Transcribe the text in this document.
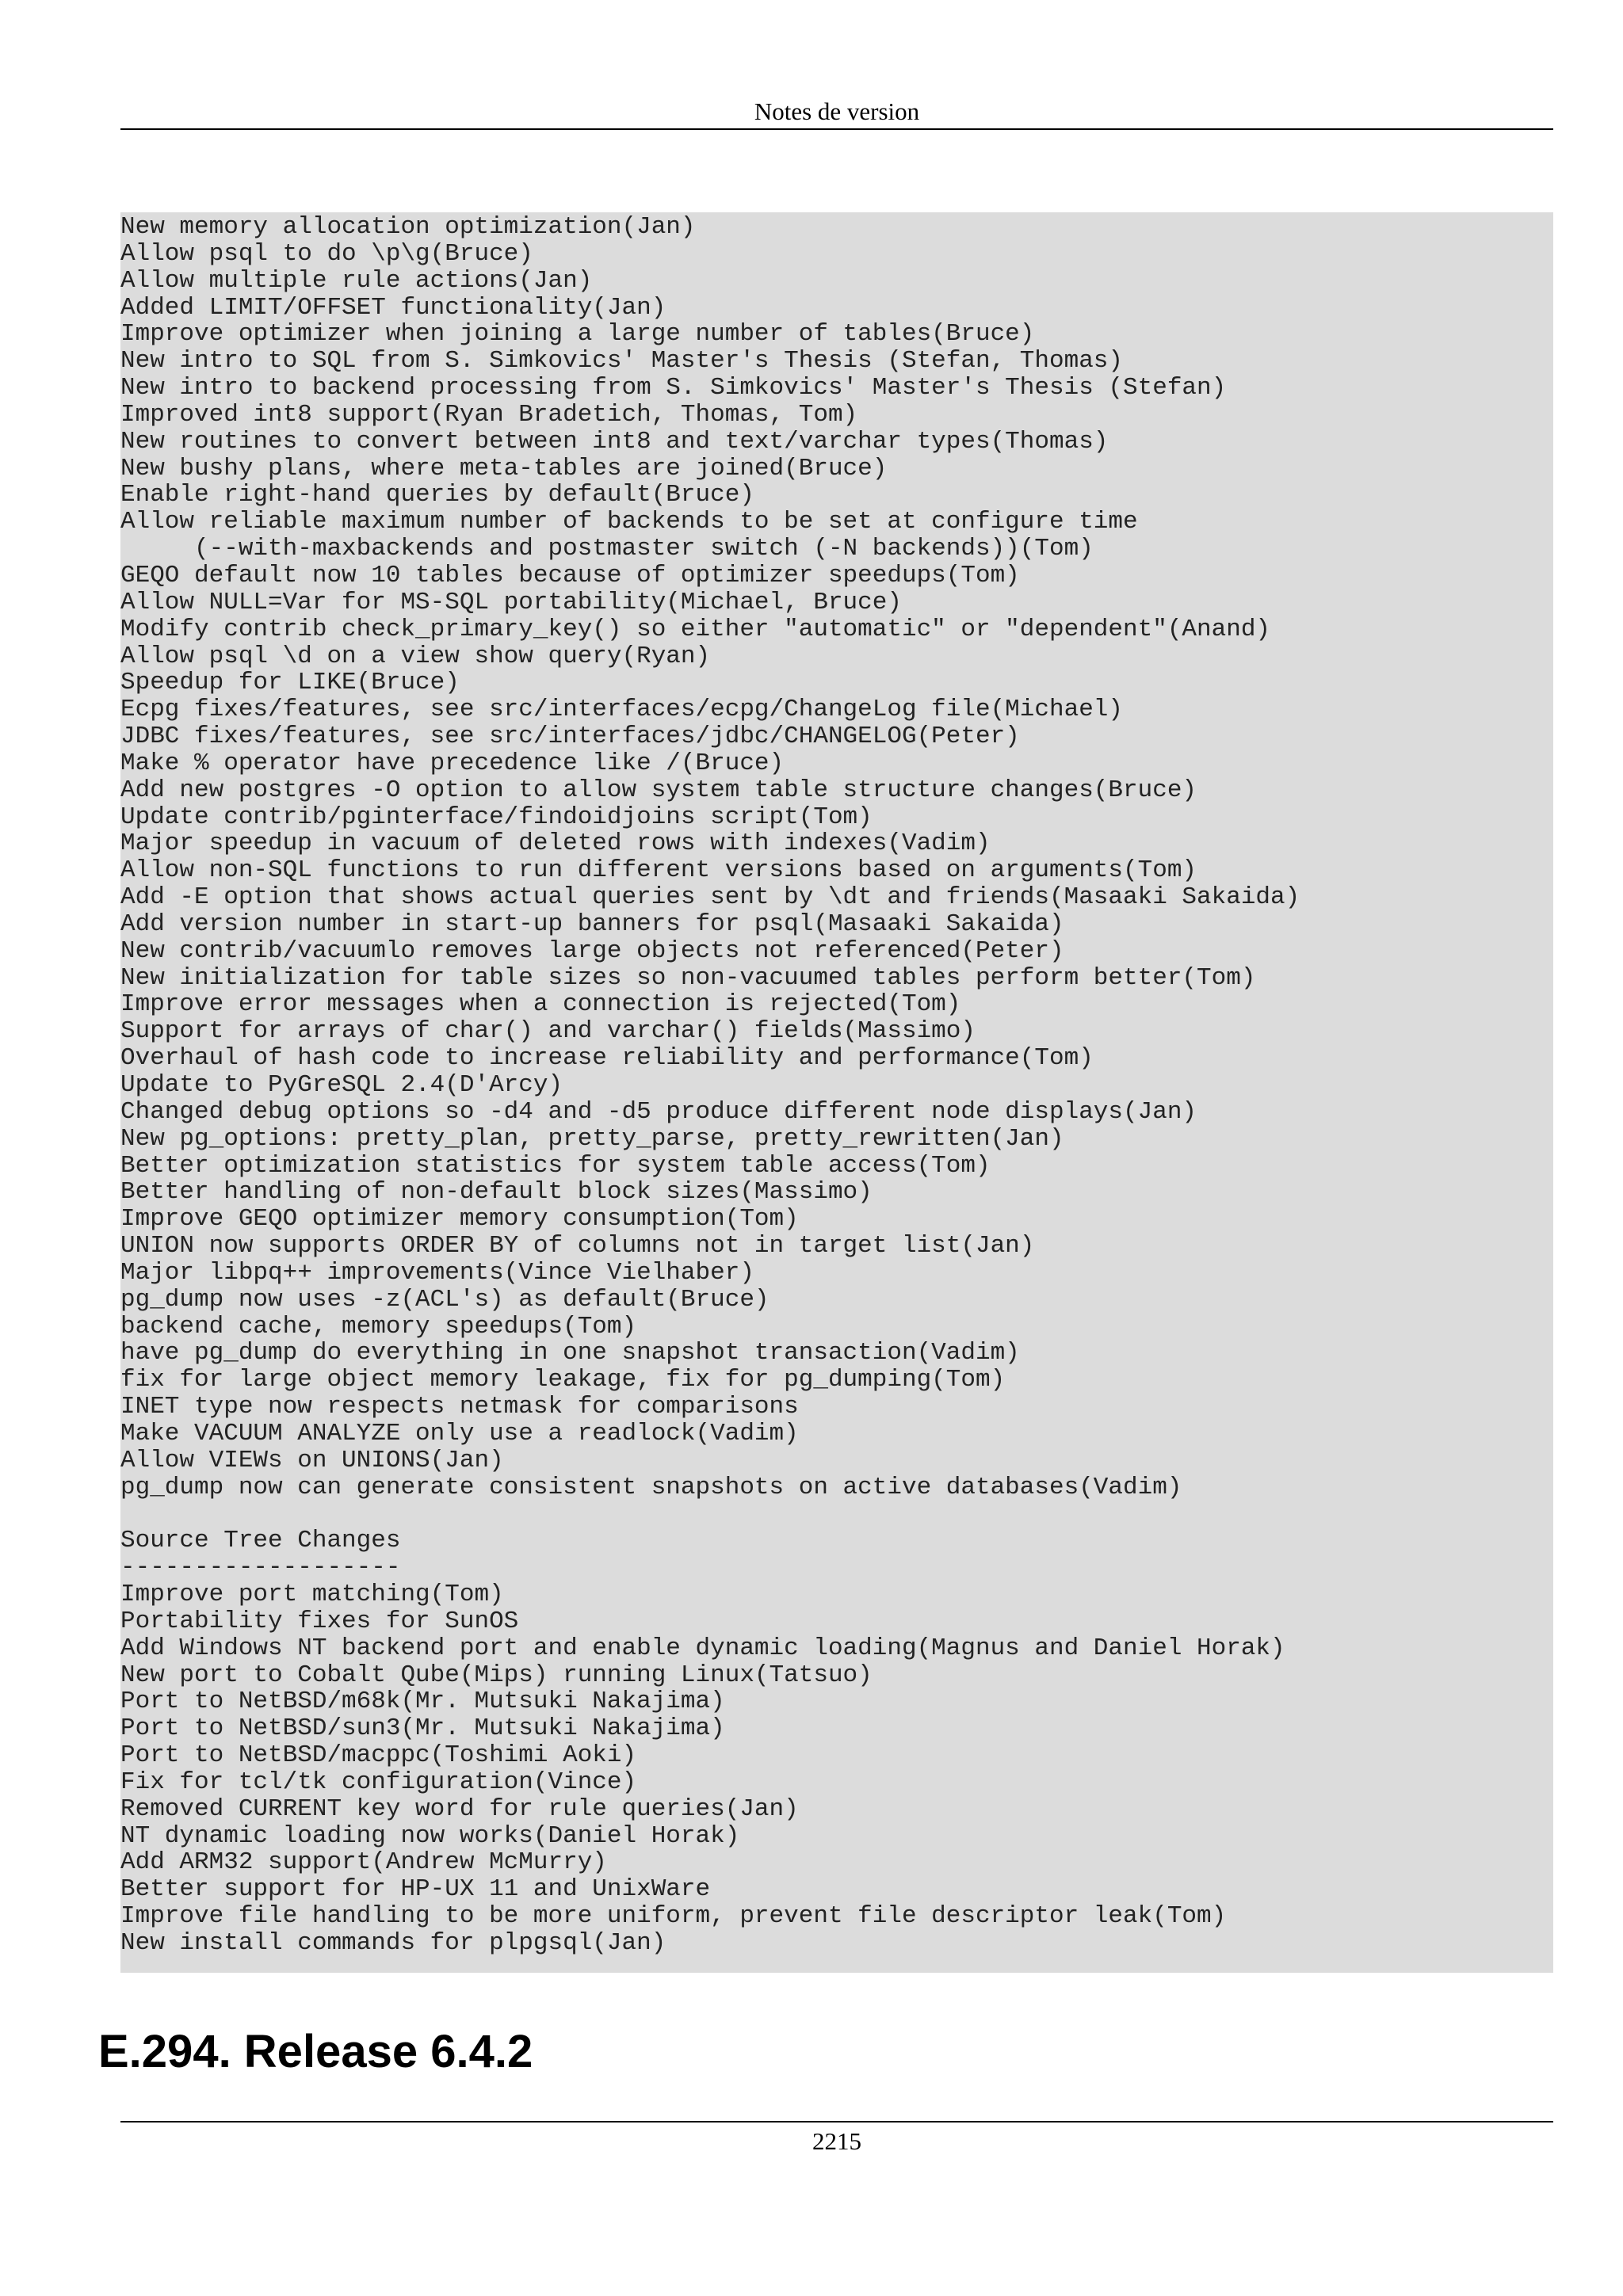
Notes de version
New memory allocation optimization(Jan)
Allow psql to do \p\g(Bruce)
Allow multiple rule actions(Jan)
Added LIMIT/OFFSET functionality(Jan)
Improve optimizer when joining a large number of tables(Bruce)
New intro to SQL from S. Simkovics' Master's Thesis (Stefan, Thomas)
New intro to backend processing from S. Simkovics' Master's Thesis (Stefan)
Improved int8 support(Ryan Bradetich, Thomas, Tom)
New routines to convert between int8 and text/varchar types(Thomas)
New bushy plans, where meta-tables are joined(Bruce)
Enable right-hand queries by default(Bruce)
Allow reliable maximum number of backends to be set at configure time
(--with-maxbackends and postmaster switch (-N backends))(Tom)
GEQO default now 10 tables because of optimizer speedups(Tom)
Allow NULL=Var for MS-SQL portability(Michael, Bruce)
Modify contrib check_primary_key() so either "automatic" or "dependent"(Anand)
Allow psql \d on a view show query(Ryan)
Speedup for LIKE(Bruce)
Ecpg fixes/features, see src/interfaces/ecpg/ChangeLog file(Michael)
JDBC fixes/features, see src/interfaces/jdbc/CHANGELOG(Peter)
Make % operator have precedence like /(Bruce)
Add new postgres -O option to allow system table structure changes(Bruce)
Update contrib/pginterface/findoidjoins script(Tom)
Major speedup in vacuum of deleted rows with indexes(Vadim)
Allow non-SQL functions to run different versions based on arguments(Tom)
Add -E option that shows actual queries sent by \dt and friends(Masaaki Sakaida)
Add version number in start-up banners for psql(Masaaki Sakaida)
New contrib/vacuumlo removes large objects not referenced(Peter)
New initialization for table sizes so non-vacuumed tables perform better(Tom)
Improve error messages when a connection is rejected(Tom)
Support for arrays of char() and varchar() fields(Massimo)
Overhaul of hash code to increase reliability and performance(Tom)
Update to PyGreSQL 2.4(D'Arcy)
Changed debug options so -d4 and -d5 produce different node displays(Jan)
New pg_options: pretty_plan, pretty_parse, pretty_rewritten(Jan)
Better optimization statistics for system table access(Tom)
Better handling of non-default block sizes(Massimo)
Improve GEQO optimizer memory consumption(Tom)
UNION now supports ORDER BY of columns not in target list(Jan)
Major libpq++ improvements(Vince Vielhaber)
pg_dump now uses -z(ACL's) as default(Bruce)
backend cache, memory speedups(Tom)
have pg_dump do everything in one snapshot transaction(Vadim)
fix for large object memory leakage, fix for pg_dumping(Tom)
INET type now respects netmask for comparisons
Make VACUUM ANALYZE only use a readlock(Vadim)
Allow VIEWs on UNIONS(Jan)
pg_dump now can generate consistent snapshots on active databases(Vadim)

Source Tree Changes
-------------------
Improve port matching(Tom)
Portability fixes for SunOS
Add Windows NT backend port and enable dynamic loading(Magnus and Daniel Horak)
New port to Cobalt Qube(Mips) running Linux(Tatsuo)
Port to NetBSD/m68k(Mr. Mutsuki Nakajima)
Port to NetBSD/sun3(Mr. Mutsuki Nakajima)
Port to NetBSD/macppc(Toshimi Aoki)
Fix for tcl/tk configuration(Vince)
Removed CURRENT key word for rule queries(Jan)
NT dynamic loading now works(Daniel Horak)
Add ARM32 support(Andrew McMurry)
Better support for HP-UX 11 and UnixWare
Improve file handling to be more uniform, prevent file descriptor leak(Tom)
New install commands for plpgsql(Jan)
E.294. Release 6.4.2
2215
